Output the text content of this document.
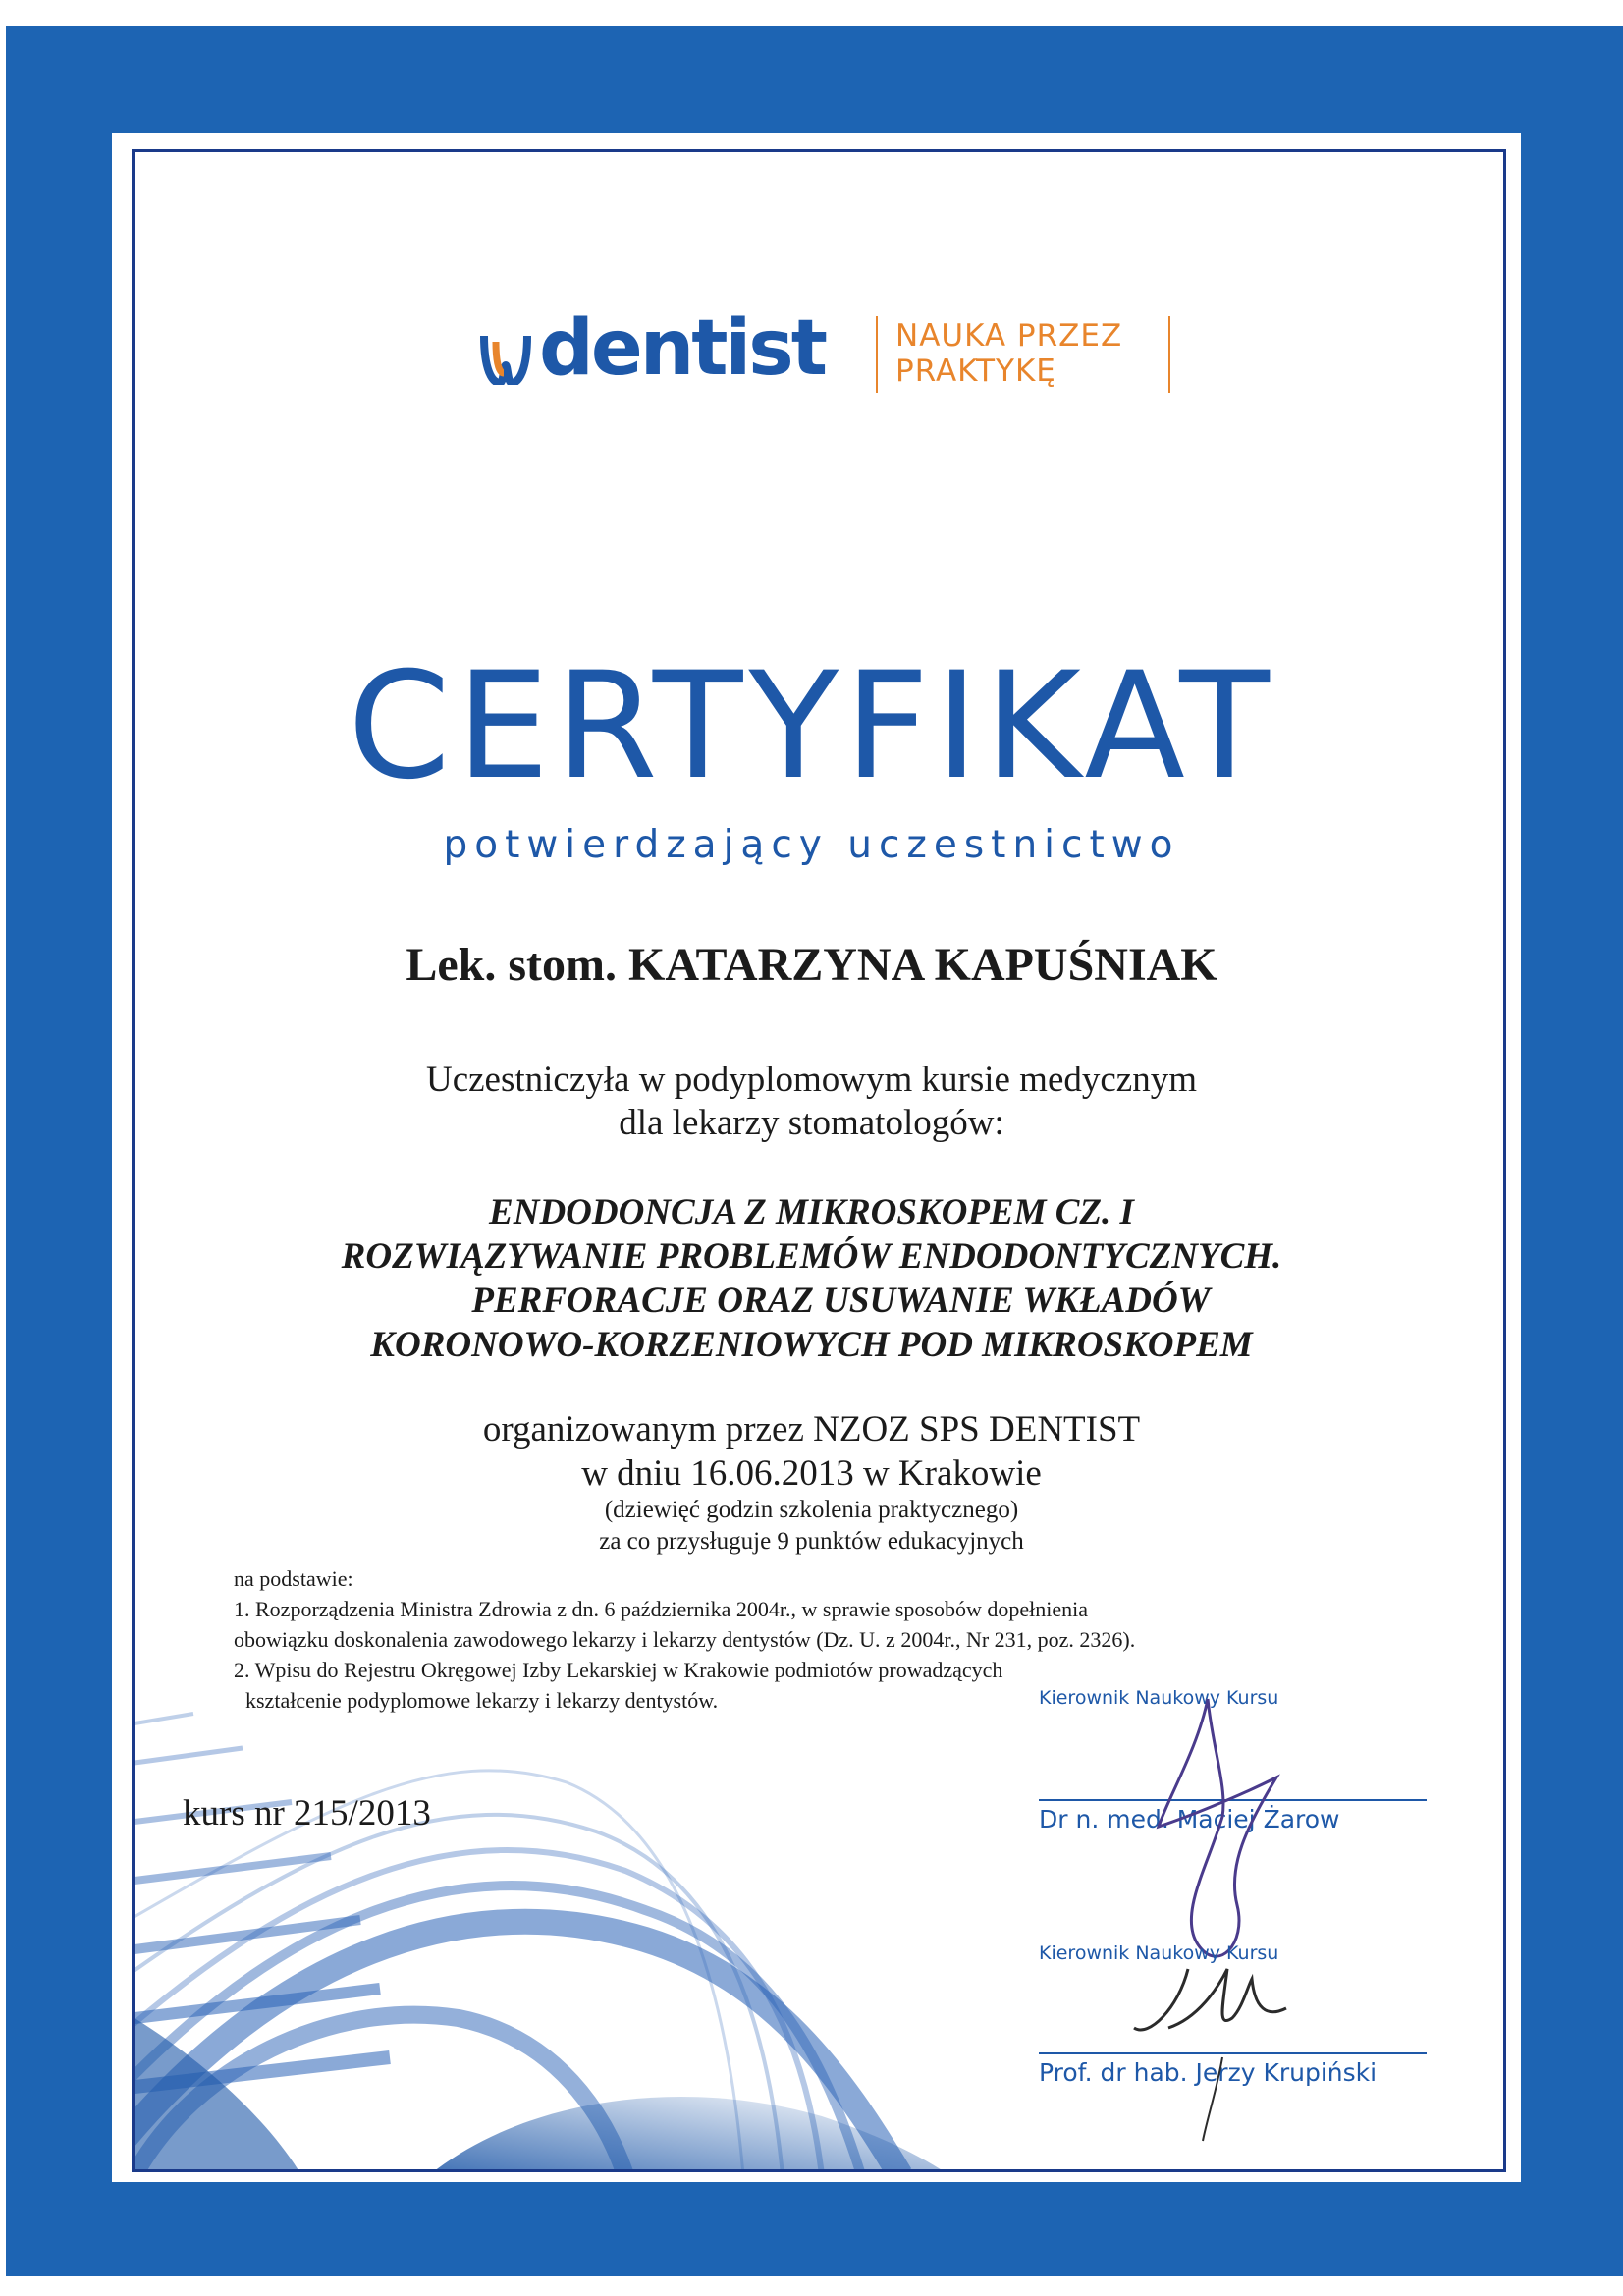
dentist NAUKA PRZEZ
PRAKTYKĘ
CERTYFIKAT
potwierdzający uczestnictwo
Lek. stom. KATARZYNA KAPUŚNIAK
Uczestniczyła w podyplomowym kursie medycznym
dla lekarzy stomatologów:
ENDODONCJA Z MIKROSKOPEM CZ. I
ROZWIĄZYWANIE PROBLEMÓW ENDODONTYCZNYCH.
PERFORACJE ORAZ USUWANIE WKŁADÓW
KORONOWO-KORZENIOWYCH POD MIKROSKOPEM
organizowanym przez NZOZ SPS DENTIST
w dniu 16.06.2013 w Krakowie
(dziewięć godzin szkolenia praktycznego)
za co przysługuje 9 punktów edukacyjnych
na podstawie:
1. Rozporządzenia Ministra Zdrowia z dn. 6 października 2004r., w sprawie sposobów dopełnienia
obowiązku doskonalenia zawodowego lekarzy i lekarzy dentystów (Dz. U. z 2004r., Nr 231, poz. 2326).
2. Wpisu do Rejestru Okręgowej Izby Lekarskiej w Krakowie podmiotów prowadzących
kształcenie podyplomowe lekarzy i lekarzy dentystów.
kurs nr 215/2013
Kierownik Naukowy Kursu
Dr n. med. Maciej Żarow
Kierownik Naukowy Kursu
Prof. dr hab. Jerzy Krupiński
